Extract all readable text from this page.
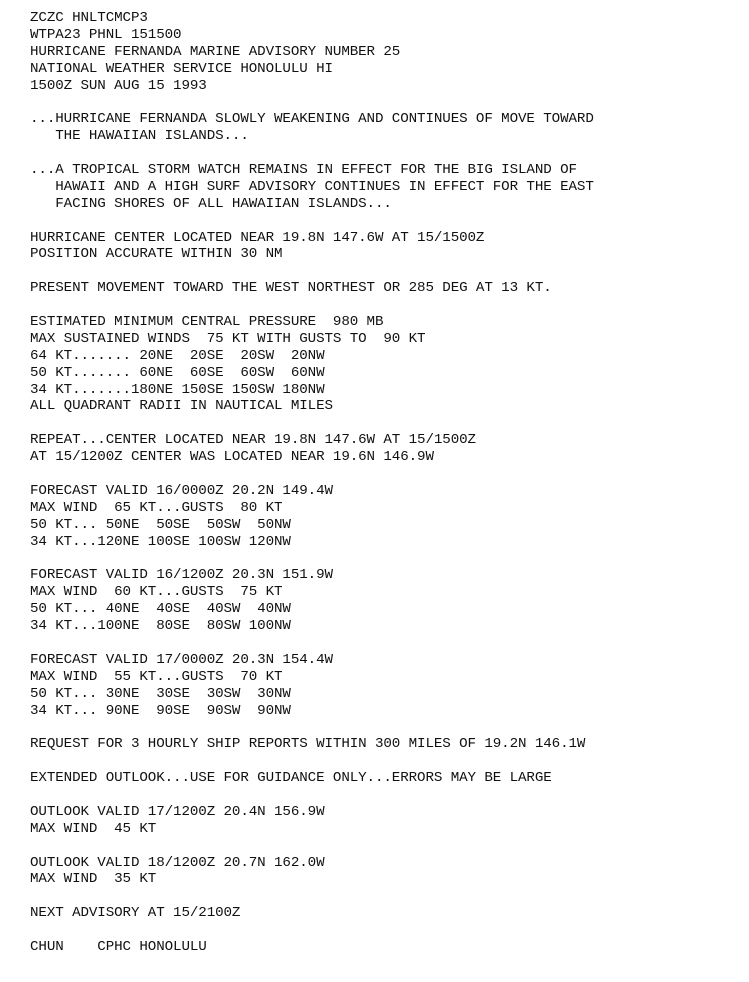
ZCZC HNLTCMCP3
WTPA23 PHNL 151500
HURRICANE FERNANDA MARINE ADVISORY NUMBER 25
NATIONAL WEATHER SERVICE HONOLULU HI
1500Z SUN AUG 15 1993
...HURRICANE FERNANDA SLOWLY WEAKENING AND CONTINUES OF MOVE TOWARD
THE HAWAIIAN ISLANDS...
...A TROPICAL STORM WATCH REMAINS IN EFFECT FOR THE BIG ISLAND OF
HAWAII AND A HIGH SURF ADVISORY CONTINUES IN EFFECT FOR THE EAST
FACING SHORES OF ALL HAWAIIAN ISLANDS...
HURRICANE CENTER LOCATED NEAR 19.8N 147.6W AT 15/1500Z
POSITION ACCURATE WITHIN 30 NM
PRESENT MOVEMENT TOWARD THE WEST NORTHEST OR 285 DEG AT 13 KT.
ESTIMATED MINIMUM CENTRAL PRESSURE  980 MB
MAX SUSTAINED WINDS  75 KT WITH GUSTS TO  90 KT
64 KT....... 20NE  20SE  20SW  20NW
50 KT....... 60NE  60SE  60SW  60NW
34 KT.......180NE 150SE 150SW 180NW
ALL QUADRANT RADII IN NAUTICAL MILES
REPEAT...CENTER LOCATED NEAR 19.8N 147.6W AT 15/1500Z
AT 15/1200Z CENTER WAS LOCATED NEAR 19.6N 146.9W
FORECAST VALID 16/0000Z 20.2N 149.4W
MAX WIND  65 KT...GUSTS  80 KT
50 KT... 50NE  50SE  50SW  50NW
34 KT...120NE 100SE 100SW 120NW
FORECAST VALID 16/1200Z 20.3N 151.9W
MAX WIND  60 KT...GUSTS  75 KT
50 KT... 40NE  40SE  40SW  40NW
34 KT...100NE  80SE  80SW 100NW
FORECAST VALID 17/0000Z 20.3N 154.4W
MAX WIND  55 KT...GUSTS  70 KT
50 KT... 30NE  30SE  30SW  30NW
34 KT... 90NE  90SE  90SW  90NW
REQUEST FOR 3 HOURLY SHIP REPORTS WITHIN 300 MILES OF 19.2N 146.1W
EXTENDED OUTLOOK...USE FOR GUIDANCE ONLY...ERRORS MAY BE LARGE
OUTLOOK VALID 17/1200Z 20.4N 156.9W
MAX WIND  45 KT
OUTLOOK VALID 18/1200Z 20.7N 162.0W
MAX WIND  35 KT
NEXT ADVISORY AT 15/2100Z
CHUN    CPHC HONOLULU
